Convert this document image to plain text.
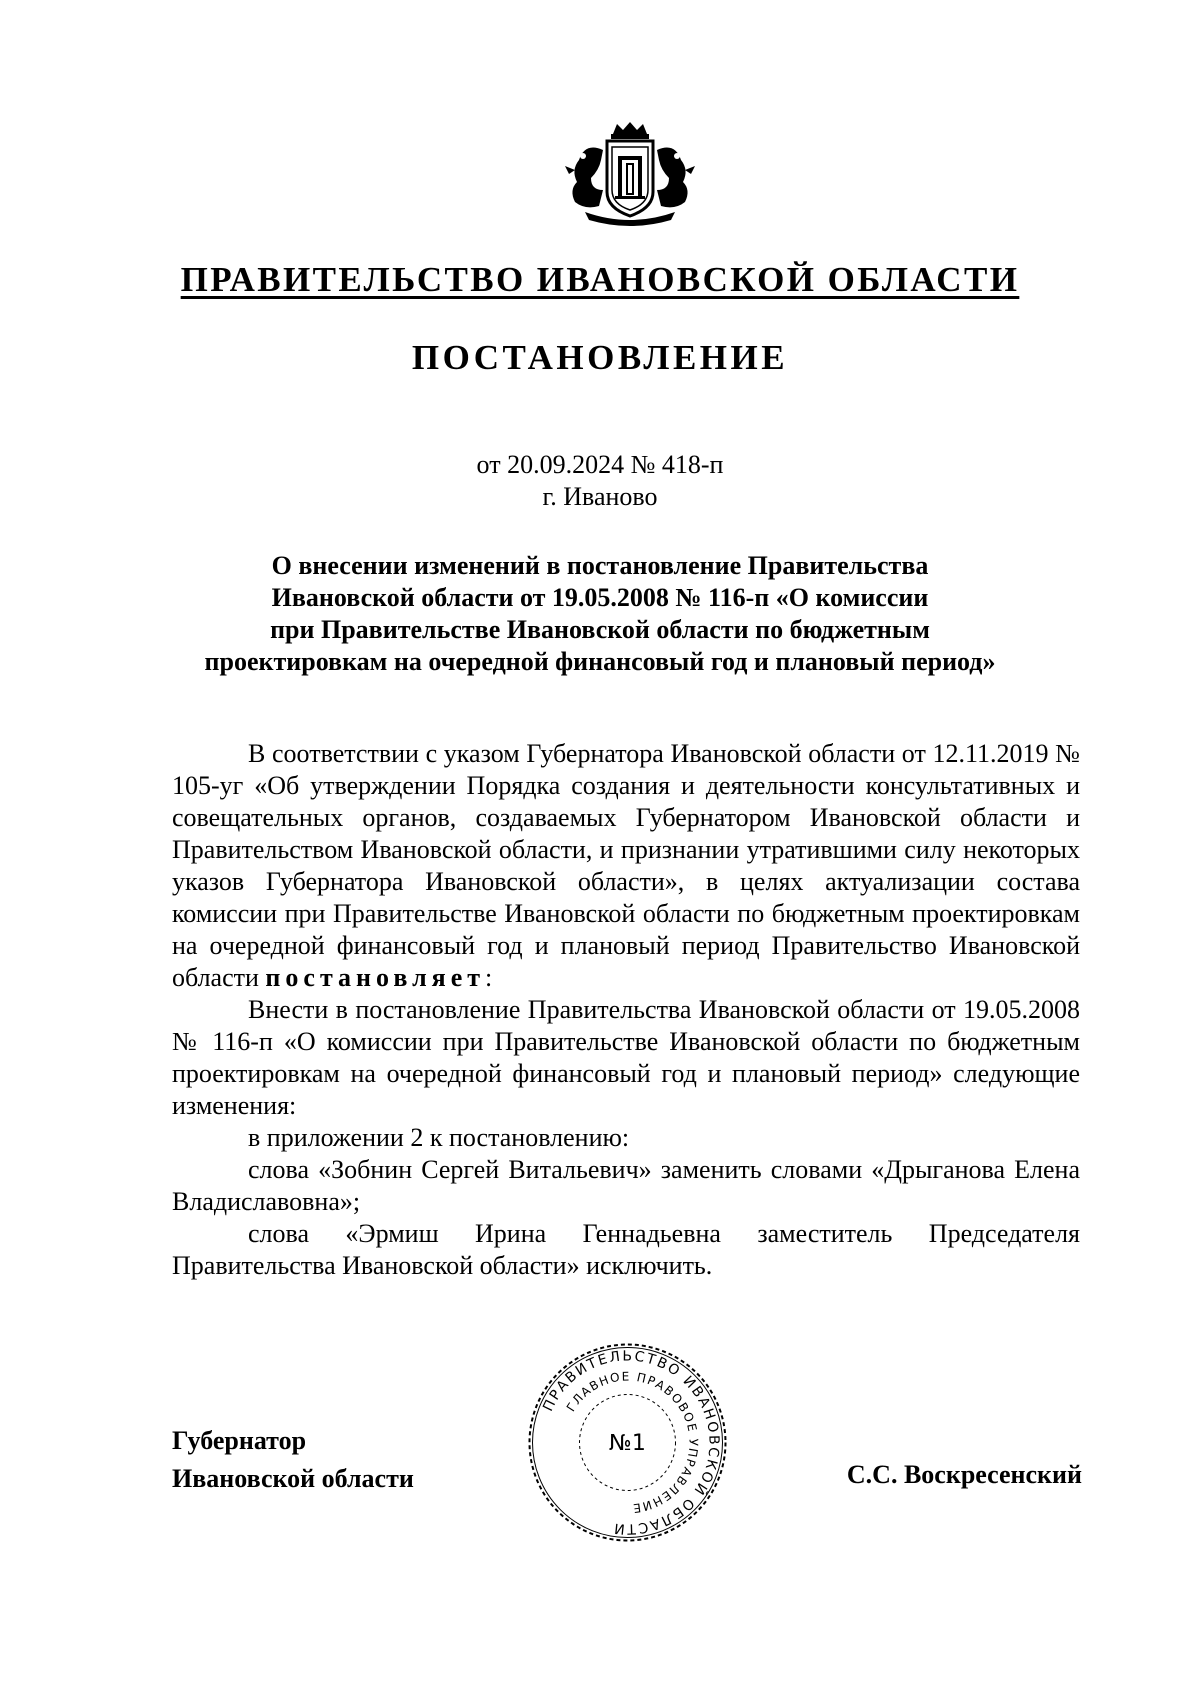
ПРАВИТЕЛЬСТВО ИВАНОВСКОЙ ОБЛАСТИ
ПОСТАНОВЛЕНИЕ
от 20.09.2024 № 418-п
г. Иваново
О внесении изменений в постановление Правительства
Ивановской области от 19.05.2008 № 116-п «О комиссии
при Правительстве Ивановской области по бюджетным
проектировкам на очередной финансовый год и плановый период»

В соответствии с указом Губернатора Ивановской области от 12.11.2019 № 105-уг «Об утверждении Порядка создания и деятельности консультативных и совещательных органов, создаваемых Губернатором Ивановской области и Правительством Ивановской области, и признании утратившими силу некоторых указов Губернатора Ивановской области», в целях актуализации состава комиссии при Правительстве Ивановской области по бюджетным проектировкам на очередной финансовый год и плановый период Правительство Ивановской области постановляет:

Внести в постановление Правительства Ивановской области от 19.05.2008 № 116-п «О комиссии при Правительстве Ивановской области по бюджетным проектировкам на очередной финансовый год и плановый период» следующие изменения:

в приложении 2 к постановлению:

слова «Зобнин Сергей Витальевич» заменить словами «Дрыганова Елена Владиславовна»;

слова «Эрмиш Ирина Геннадьевна заместитель Председателя Правительства Ивановской области» исключить.

Губернатор
Ивановской области
ПРАВИТЕЛЬСТВО ИВАНОВСКОЙ ОБЛАСТИ
ГЛАВНОЕ ПРАВОВОЕ УПРАВЛЕНИЕ
№1
С.С. Воскресенский
